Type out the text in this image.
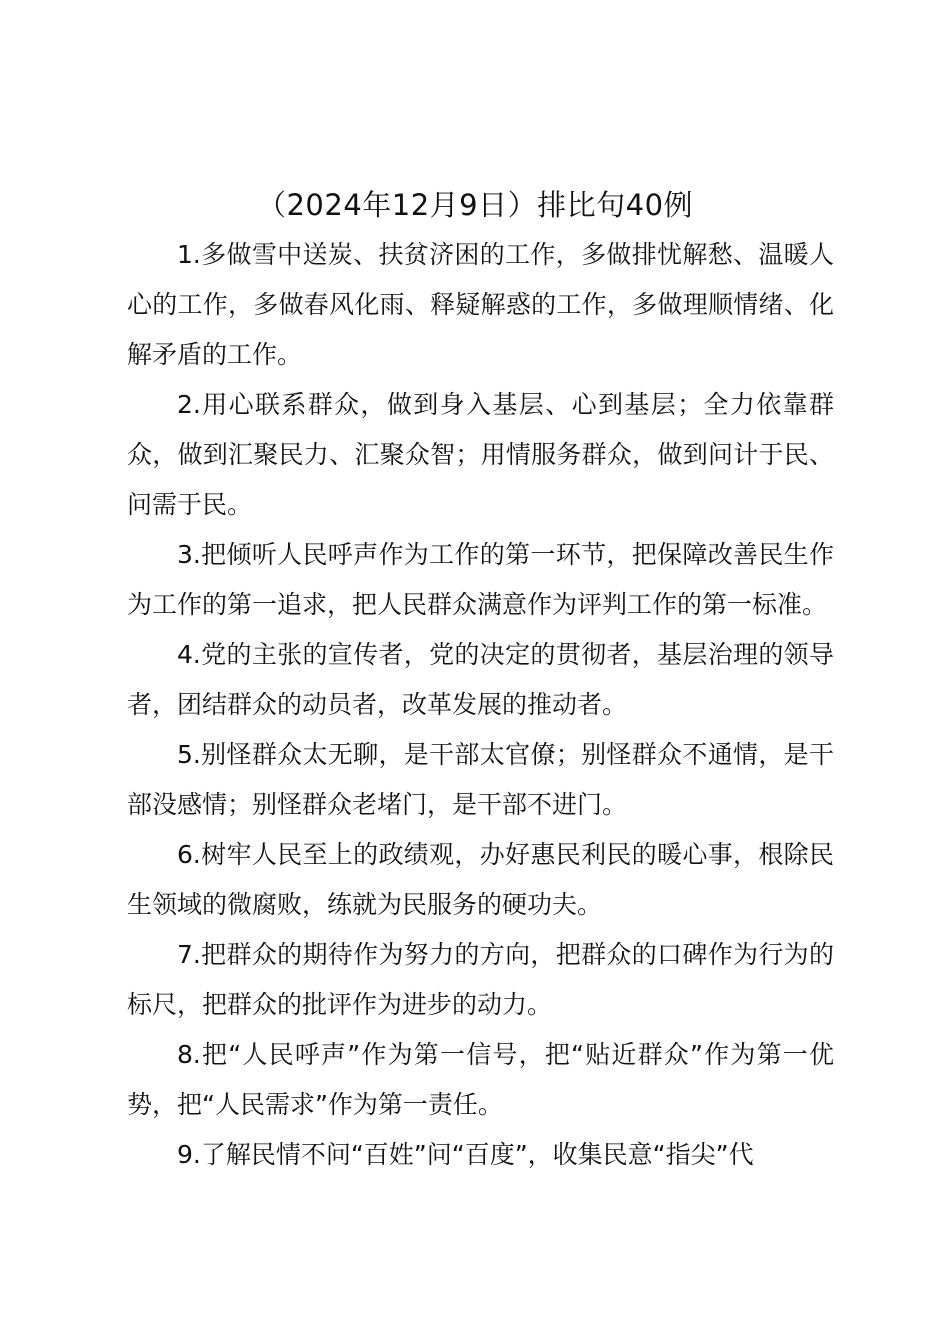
（2024年12月9日）排比句40例

1.多做雪中送炭、扶贫济困的工作，多做排忧解愁、温暖人心的工作，多做春风化雨、释疑解惑的工作，多做理顺情绪、化解矛盾的工作。

2.用心联系群众，做到身入基层、心到基层；全力依靠群众，做到汇聚民力、汇聚众智；用情服务群众，做到问计于民、问需于民。

3.把倾听人民呼声作为工作的第一环节，把保障改善民生作为工作的第一追求，把人民群众满意作为评判工作的第一标准。

4.党的主张的宣传者，党的决定的贯彻者，基层治理的领导者，团结群众的动员者，改革发展的推动者。

5.别怪群众太无聊，是干部太官僚；别怪群众不通情，是干部没感情；别怪群众老堵门，是干部不进门。

6.树牢人民至上的政绩观，办好惠民利民的暖心事，根除民生领域的微腐败，练就为民服务的硬功夫。

7.把群众的期待作为努力的方向，把群众的口碑作为行为的标尺，把群众的批评作为进步的动力。

8.把“人民呼声”作为第一信号，把“贴近群众”作为第一优势，把“人民需求”作为第一责任。

9.了解民情不问“百姓”问“百度”，收集民意“指尖”代
